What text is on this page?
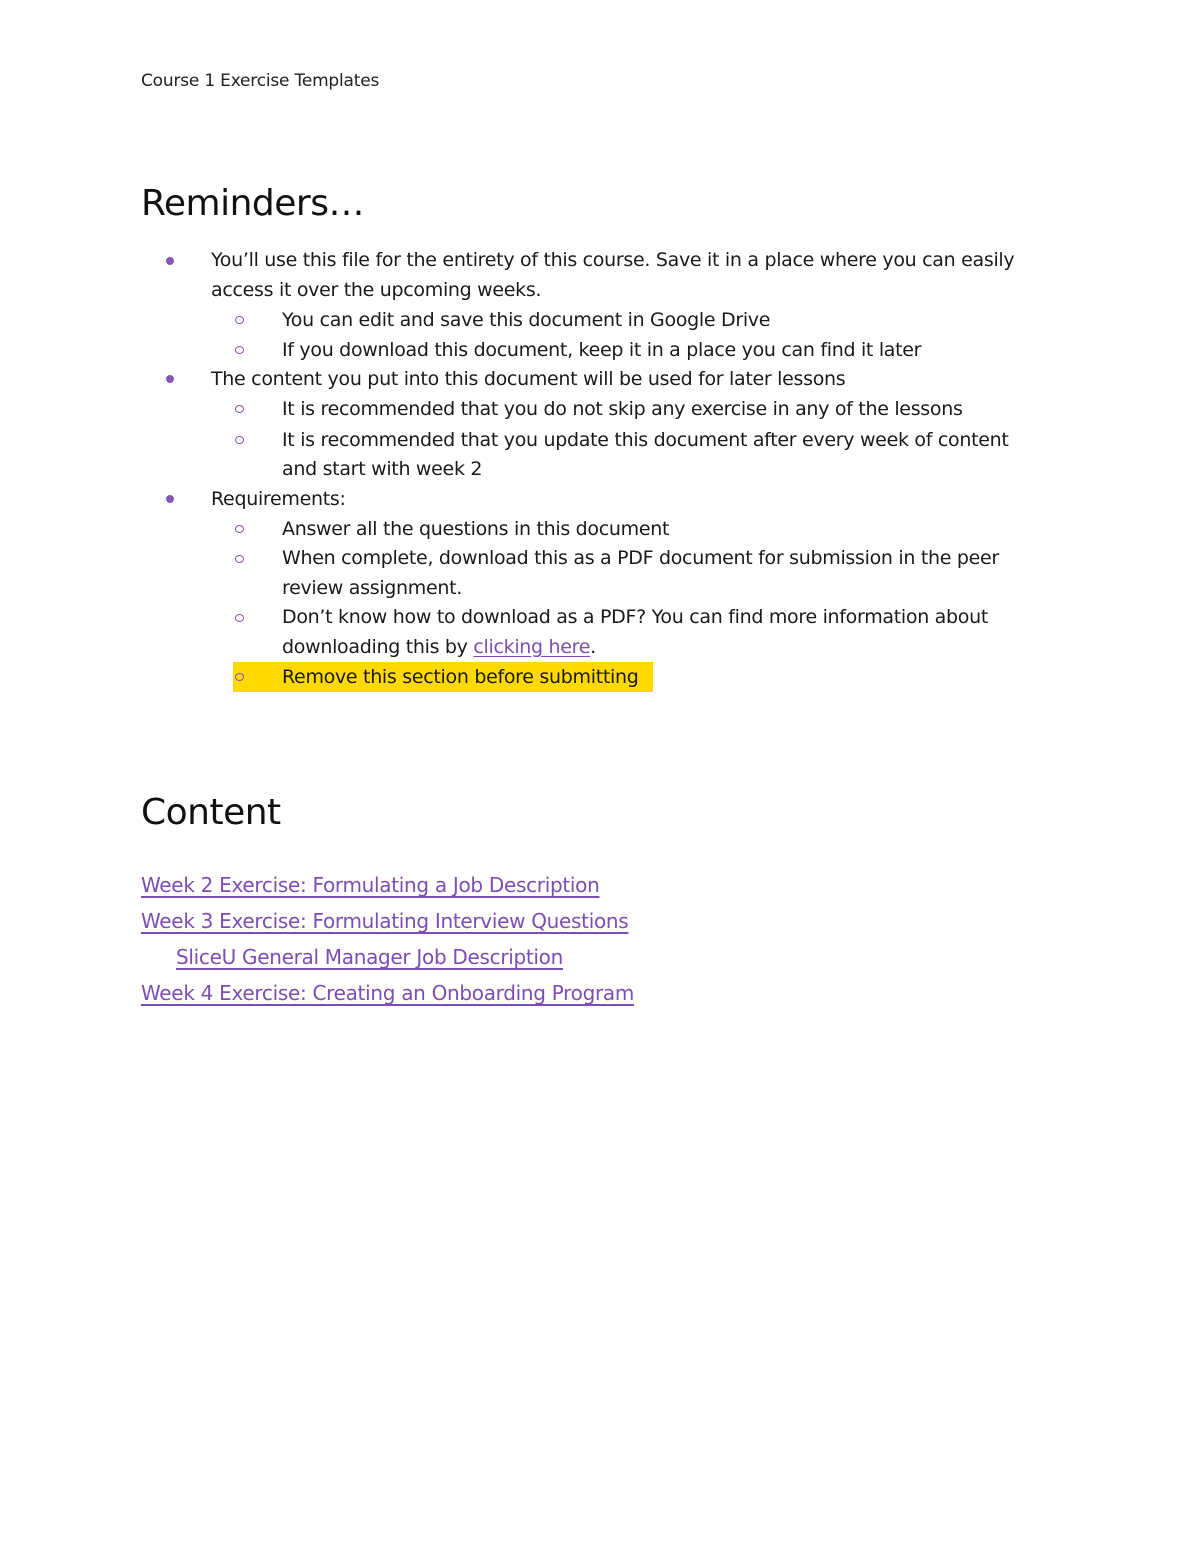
Course 1 Exercise Templates
Reminders…
You’ll use this file for the entirety of this course. Save it in a place where you can easily
access it over the upcoming weeks.
You can edit and save this document in Google Drive
If you download this document, keep it in a place you can find it later
The content you put into this document will be used for later lessons
It is recommended that you do not skip any exercise in any of the lessons
It is recommended that you update this document after every week of content
and start with week 2
Requirements:
Answer all the questions in this document
When complete, download this as a PDF document for submission in the peer
review assignment.
Don’t know how to download as a PDF? You can find more information about
downloading this by clicking here.
Remove this section before submitting
Content
Week 2 Exercise: Formulating a Job Description
Week 3 Exercise: Formulating Interview Questions
SliceU General Manager Job Description
Week 4 Exercise: Creating an Onboarding Program
